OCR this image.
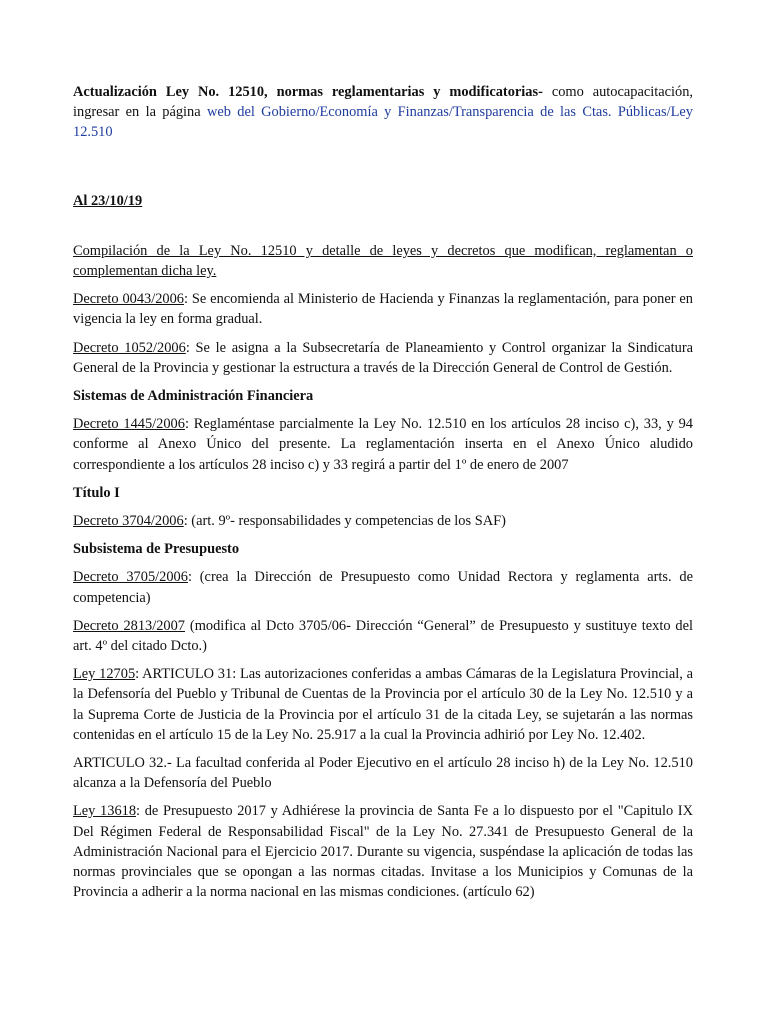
Actualización Ley No. 12510, normas reglamentarias y modificatorias- como autocapacitación, ingresar en la página web del Gobierno/Economía y Finanzas/Transparencia de las Ctas. Públicas/Ley 12.510

Al 23/10/19

Compilación de la Ley No. 12510 y detalle de leyes y decretos que modifican, reglamentan o complementan dicha ley.

Decreto 0043/2006: Se encomienda al Ministerio de Hacienda y Finanzas la reglamentación, para poner en vigencia la ley en forma gradual.

Decreto 1052/2006: Se le asigna a la Subsecretaría de Planeamiento y Control organizar la Sindicatura General de la Provincia y gestionar la estructura a través de la Dirección General de Control de Gestión.

Sistemas de Administración Financiera

Decreto 1445/2006: Reglaméntase parcialmente la Ley No. 12.510 en los artículos 28 inciso c), 33, y 94 conforme al Anexo Único del presente. La reglamentación inserta en el Anexo Único aludido correspondiente a los artículos 28 inciso c) y 33 regirá a partir del 1º de enero de 2007

Título I

Decreto 3704/2006: (art. 9º- responsabilidades y competencias de los SAF)

Subsistema de Presupuesto

Decreto 3705/2006: (crea la Dirección de Presupuesto como Unidad Rectora y reglamenta arts. de competencia)

Decreto 2813/2007 (modifica al Dcto 3705/06- Dirección “General” de Presupuesto y sustituye texto del art. 4º del citado Dcto.)

Ley 12705: ARTICULO 31: Las autorizaciones conferidas a ambas Cámaras de la Legislatura Provincial, a la Defensoría del Pueblo y Tribunal de Cuentas de la Provincia por el artículo 30 de la Ley No. 12.510 y a la Suprema Corte de Justicia de la Provincia por el artículo 31 de la citada Ley, se sujetarán a las normas contenidas en el artículo 15 de la Ley No. 25.917 a la cual la Provincia adhirió por Ley No. 12.402.

ARTICULO 32.- La facultad conferida al Poder Ejecutivo en el artículo 28 inciso h) de la Ley No. 12.510 alcanza a la Defensoría del Pueblo

Ley 13618: de Presupuesto 2017 y Adhiérese la provincia de Santa Fe a lo dispuesto por el "Capitulo IX Del Régimen Federal de Responsabilidad Fiscal" de la Ley No. 27.341 de Presupuesto General de la Administración Nacional para el Ejercicio 2017. Durante su vigencia, suspéndase la aplicación de todas las normas provinciales que se opongan a las normas citadas. Invitase a los Municipios y Comunas de la Provincia a adherir a la norma nacional en las mismas condiciones. (artículo 62)
